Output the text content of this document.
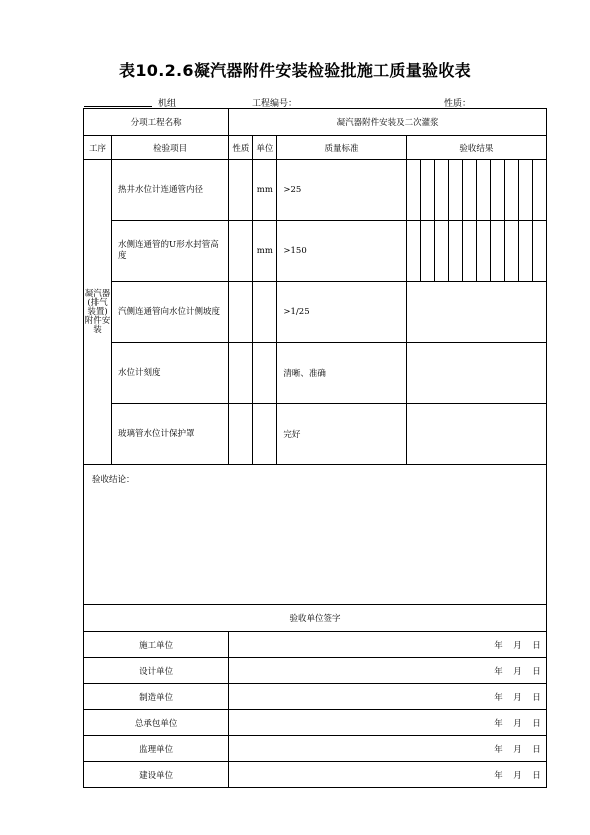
表10.2.6凝汽器附件安装检验批施工质量验收表
机组	工程编号：	性质：
分项工程名称		凝汽器附件安装及二次灌浆												
工序	检验项目	性质	单位	质量标准	验收结果									
凝汽器(排气装置)附件安装	热井水位计连通管内径		mm	>25										
	水侧连通管的U形水封管高度		mm	>150										
	汽侧连通管向水位计侧坡度			>1/25										
	水位计刻度			清晰、准确										
	玻璃管水位计保护罩			完好										
验收结论：														
验收单位签字														
施工单位		年 月 日												
设计单位		年 月 日												
制造单位		年 月 日												
总承包单位		年 月 日												
监理单位		年 月 日												
建设单位		年 月 日												
